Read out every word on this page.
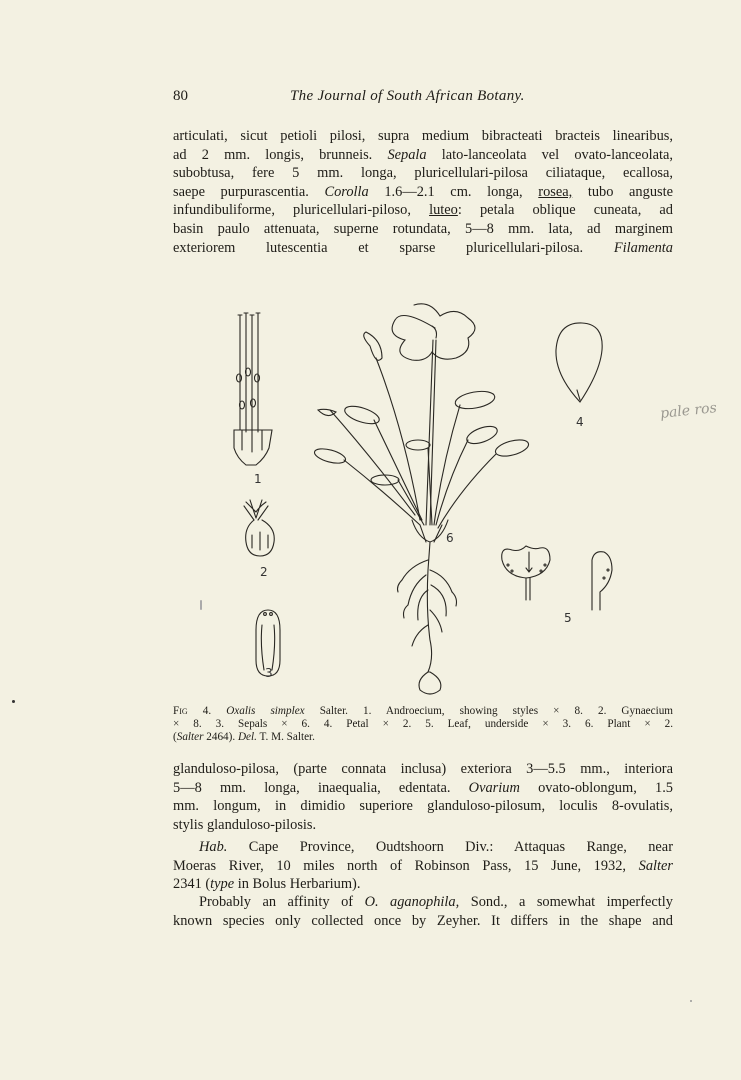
80	The Journal of South African Botany.
articulati, sicut petioli pilosi, supra medium bibracteati bracteis linearibus,
ad 2 mm. longis, brunneis. Sepala lato-lanceolata vel ovato-lanceolata,
subobtusa, fere 5 mm. longa, pluricellulari-pilosa ciliataque, ecallosa,
saepe purpurascentia. Corolla 1.6—2.1 cm. longa, rosea, tubo anguste
infundibuliforme, pluricellulari-piloso, luteo: petala oblique cuneata, ad
basin paulo attenuata, superne rotundata, 5—8 mm. lata, ad marginem
exteriorem lutescentia et sparse pluricellulari-pilosa. Filamenta
1
2
3
4
5
6
pale ros
Fig 4. Oxalis simplex Salter. 1. Androecium, showing styles × 8. 2. Gynaecium
× 8. 3. Sepals × 6. 4. Petal × 2. 5. Leaf, underside × 3. 6. Plant × 2.
(Salter 2464). Del. T. M. Salter.
glanduloso-pilosa, (parte connata inclusa) exteriora 3—5.5 mm., interiora
5—8 mm. longa, inaequalia, edentata. Ovarium ovato-oblongum, 1.5
mm. longum, in dimidio superiore glanduloso-pilosum, loculis 8-ovulatis,
stylis glanduloso-pilosis.
Hab. Cape Province, Oudtshoorn Div.: Attaquas Range, near
Moeras River, 10 miles north of Robinson Pass, 15 June, 1932, Salter
2341 (type in Bolus Herbarium).
Probably an affinity of O. aganophila, Sond., a somewhat imperfectly
known species only collected once by Zeyher. It differs in the shape and
